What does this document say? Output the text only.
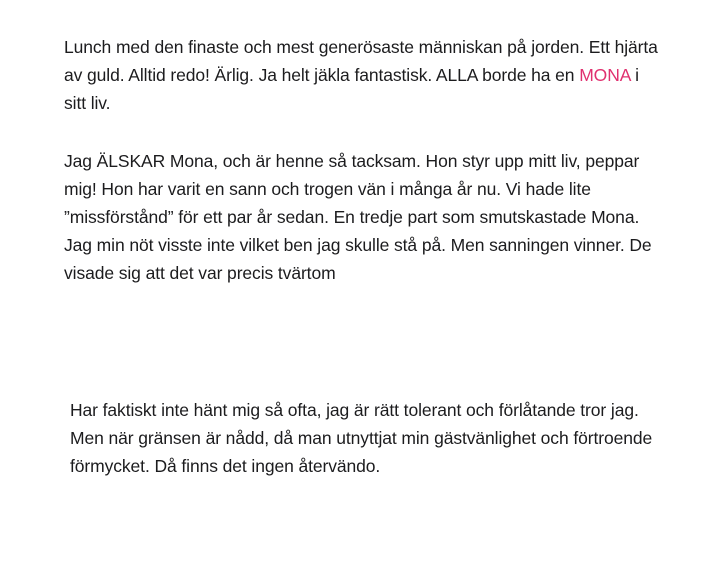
Lunch med den finaste och mest generösaste människan på jorden. Ett hjärta av guld. Alltid redo! Ärlig. Ja helt jäkla fantastisk. ALLA borde ha en MONA i sitt liv.

Jag ÄLSKAR Mona, och är henne så tacksam. Hon styr upp mitt liv, peppar mig! Hon har varit en sann och trogen vän i många år nu. Vi hade lite ”missförstånd” för ett par år sedan. En tredje part som smutskastade Mona. Jag min nöt visste inte vilket ben jag skulle stå på. Men sanningen vinner. De visade sig att det var precis tvärtom

Har faktiskt inte hänt mig så ofta, jag är rätt tolerant och förlåtande tror jag. Men när gränsen är nådd, då man utnyttjat min gästvänlighet och förtroende förmycket. Då finns det ingen återvändo.
